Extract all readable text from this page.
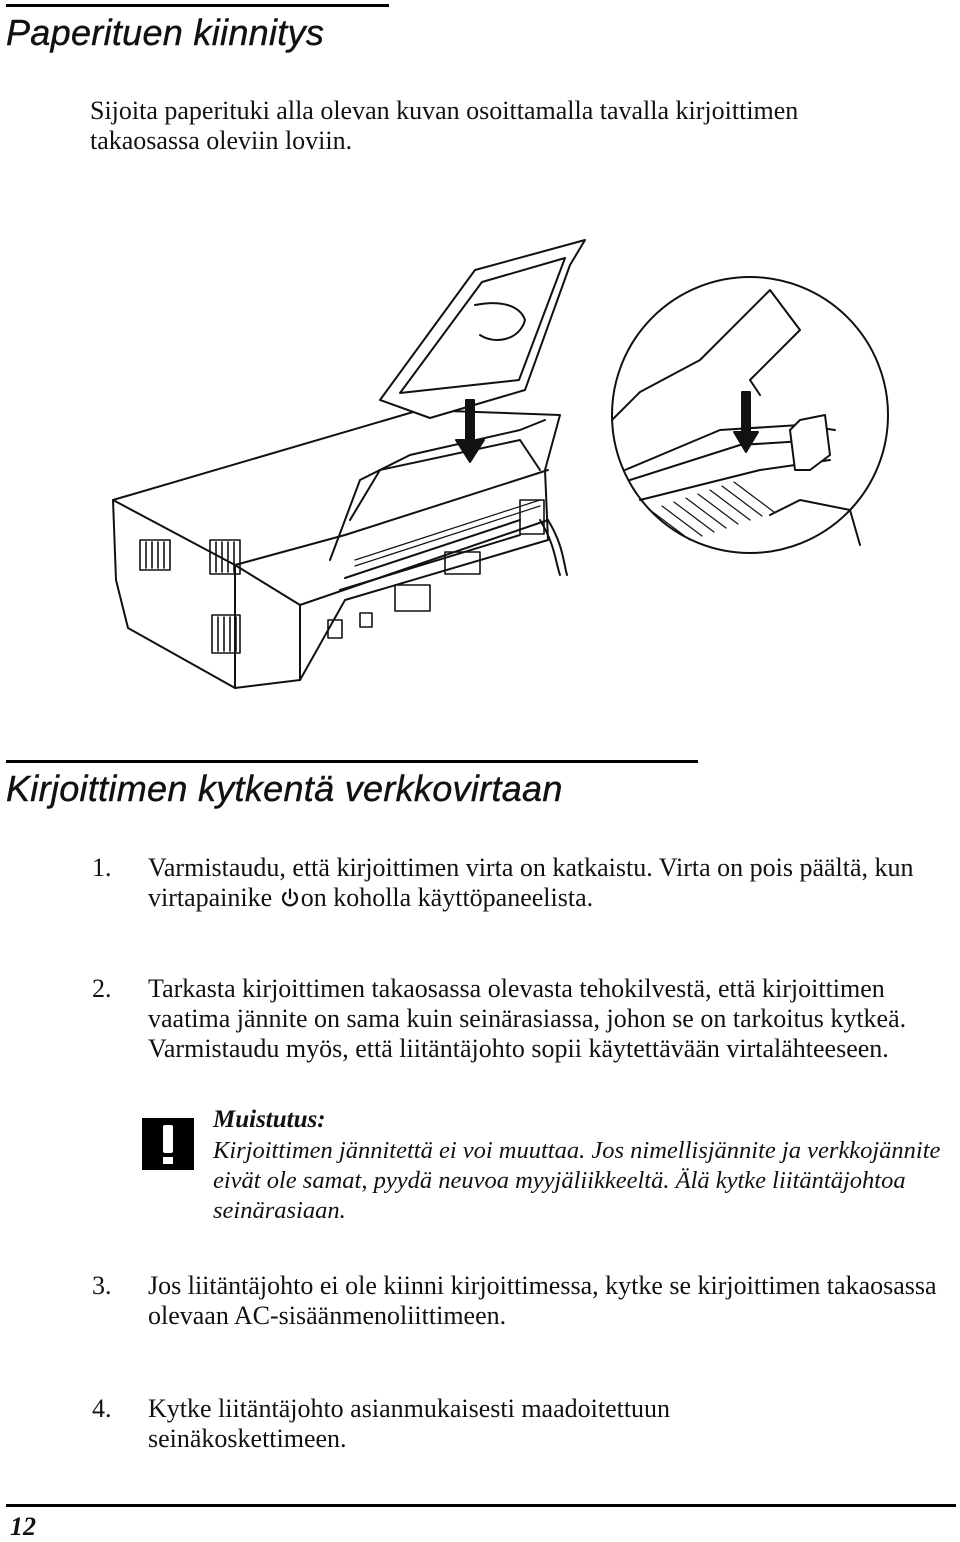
Paperituen kiinnitys

Sijoita paperituki alla olevan kuvan osoittamalla tavalla kirjoittimen takaosassa oleviin loviin.

Kirjoittimen kytkentä verkkovirtaan
1. Varmistaudu, että kirjoittimen virta on katkaistu. Virta on pois päältä, kun virtapainike on koholla käyttöpaneelista.

2. Tarkasta kirjoittimen takaosassa olevasta tehokilvestä, että kirjoittimen vaatima jännite on sama kuin seinärasiassa, johon se on tarkoitus kytkeä. Varmistaudu myös, että liitäntäjohto sopii käytettävään virtalähteeseen.

Muistutus:

Kirjoittimen jännitettä ei voi muuttaa. Jos nimellisjännite ja verkkojännite eivät ole samat, pyydä neuvoa myyjäliikkeeltä. Älä kytke liitäntäjohtoa seinärasiaan.

3. Jos liitäntäjohto ei ole kiinni kirjoittimessa, kytke se kirjoittimen takaosassa olevaan AC-sisäänmenoliittimeen.

4. Kytke liitäntäjohto asianmukaisesti maadoitettuun seinäkoskettimeen.

12
